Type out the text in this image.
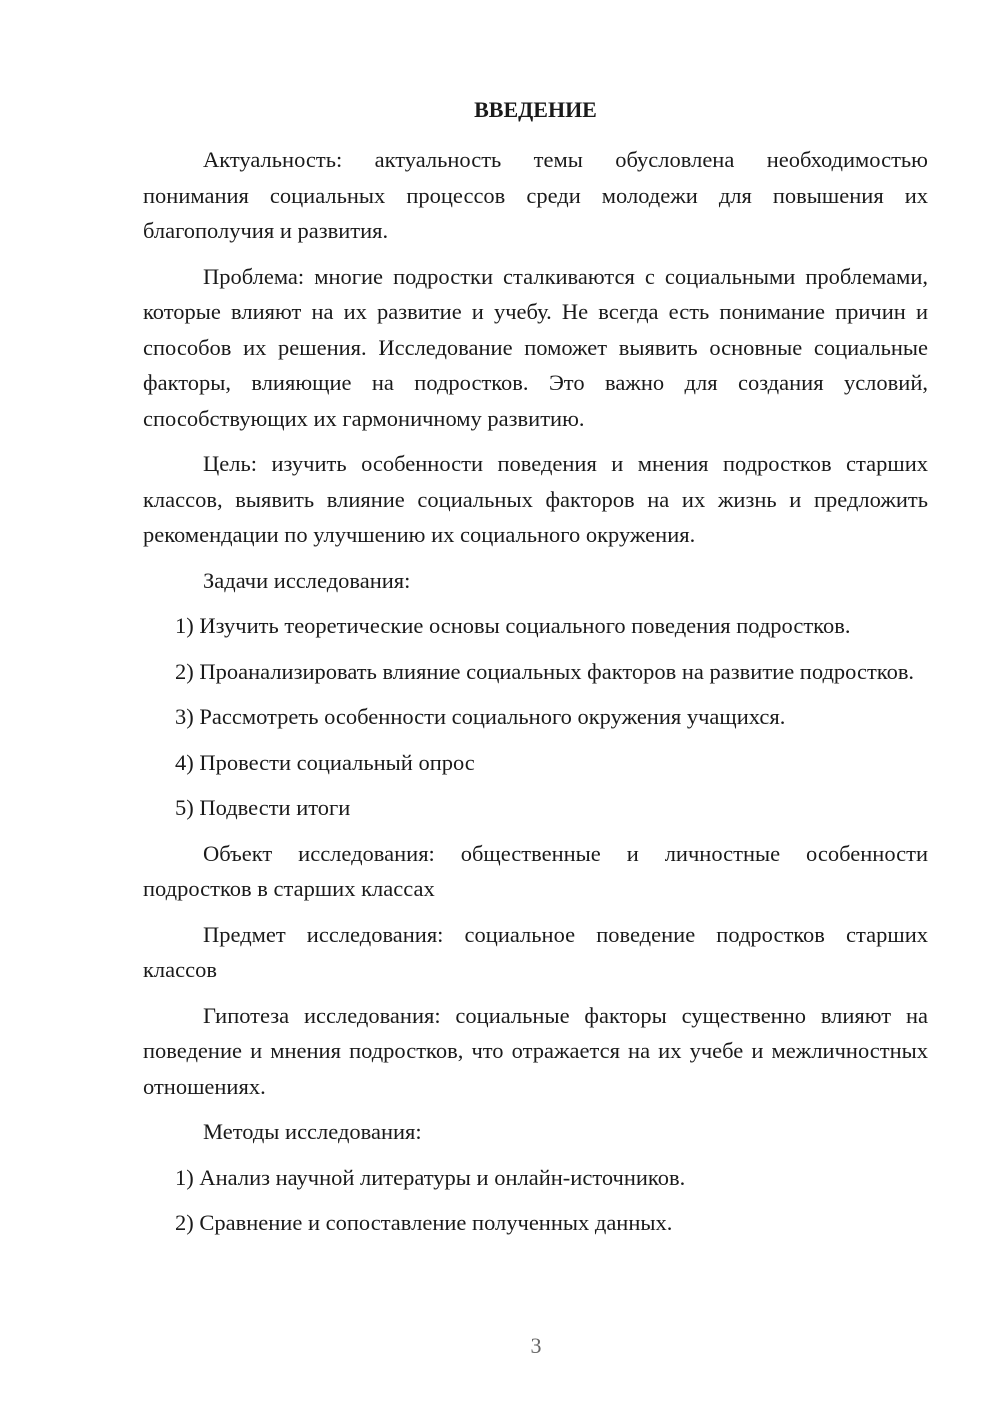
ВВЕДЕНИЕ

Актуальность: актуальность темы обусловлена необходимостью понимания социальных процессов среди молодежи для повышения их благополучия и развития.

Проблема: многие подростки сталкиваются с социальными проблемами, которые влияют на их развитие и учебу. Не всегда есть понимание причин и способов их решения. Исследование поможет выявить основные социальные факторы, влияющие на подростков. Это важно для создания условий, способствующих их гармоничному развитию.

Цель: изучить особенности поведения и мнения подростков старших классов, выявить влияние социальных факторов на их жизнь и предложить рекомендации по улучшению их социального окружения.

Задачи исследования:

1) Изучить теоретические основы социального поведения подростков.

2) Проанализировать влияние социальных факторов на развитие подростков.

3) Рассмотреть особенности социального окружения учащихся.

4) Провести социальный опрос

5) Подвести итоги

Объект исследования: общественные и личностные особенности подростков в старших классах

Предмет исследования: социальное поведение подростков старших классов

Гипотеза исследования: социальные факторы существенно влияют на поведение и мнения подростков, что отражается на их учебе и межличностных отношениях.

Методы исследования:

1) Анализ научной литературы и онлайн-источников.

2) Сравнение и сопоставление полученных данных.

3
